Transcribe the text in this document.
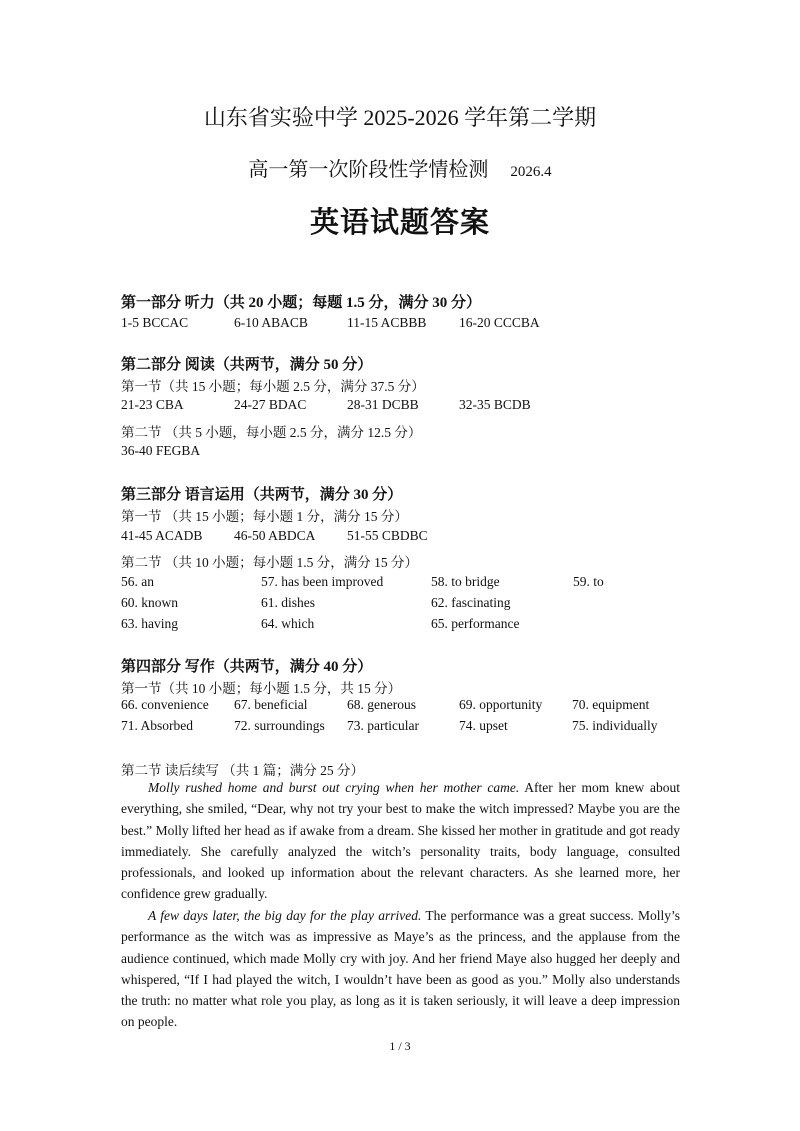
山东省实验中学 2025-2026 学年第二学期
高一第一次阶段性学情检测 2026.4
英语试题答案
第一部分 听力（共 20 小题；每题 1.5 分，满分 30 分）
1-5 BCCAC	6-10 ABACB	11-15 ACBBB 16-20 CCCBA
第二部分 阅读（共两节，满分 50 分）
第一节（共 15 小题；每小题 2.5 分，满分 37.5 分）
21-23 CBA	24-27 BDAC	28-31 DCBB	32-35 BCDB
第二节 （共 5 小题，每小题 2.5 分，满分 12.5 分）
36-40 FEGBA
第三部分 语言运用（共两节，满分 30 分）
第一节 （共 15 小题；每小题 1 分，满分 15 分）
41-45 ACADB 46-50 ABDCA 51-55 CBDBC
第二节 （共 10 小题；每小题 1.5 分，满分 15 分）
56. an	57. has been improved	58. to bridge	59. to
60. known	61. dishes	62. fascinating
63. having	64. which	65. performance
第四部分 写作（共两节，满分 40 分）
第一节（共 10 小题；每小题 1.5 分，共 15 分）
66. convenience 67. beneficial	68. generous	69. opportunity 70. equipment
71. Absorbed	72. surroundings 73. particular	74. upset	75. individually
第二节 读后续写 （共 1 篇；满分 25 分）
Molly rushed home and burst out crying when her mother came. After her mom knew about everything, she smiled, “Dear, why not try your best to make the witch impressed? Maybe you are the best.” Molly lifted her head as if awake from a dream. She kissed her mother in gratitude and got ready immediately. She carefully analyzed the witch’s personality traits, body language, consulted professionals, and looked up information about the relevant characters. As she learned more, her confidence grew gradually.
A few days later, the big day for the play arrived. The performance was a great success. Molly’s performance as the witch was as impressive as Maye’s as the princess, and the applause from the audience continued, which made Molly cry with joy. And her friend Maye also hugged her deeply and whispered, “If I had played the witch, I wouldn’t have been as good as you.” Molly also understands the truth: no matter what role you play, as long as it is taken seriously, it will leave a deep impression on people.
1 / 3
